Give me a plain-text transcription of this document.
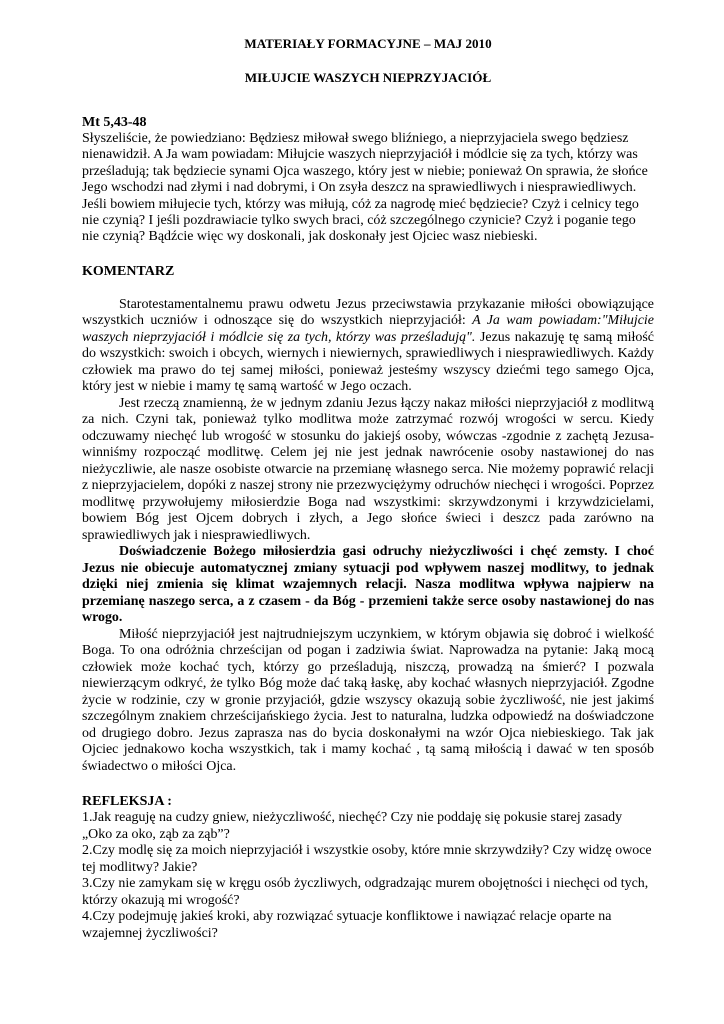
MATERIAŁY FORMACYJNE – MAJ 2010
MIŁUJCIE WASZYCH NIEPRZYJACIÓŁ
Mt 5,43-48

Słyszeliście, że powiedziano: Będziesz miłował swego bliźniego, a nieprzyjaciela swego będziesz nienawidził. A Ja wam powiadam: Miłujcie waszych nieprzyjaciół i módlcie się za tych, którzy was prześladują; tak będziecie synami Ojca waszego, który jest w niebie; ponieważ On sprawia, że słońce Jego wschodzi nad złymi i nad dobrymi, i On zsyła deszcz na sprawiedliwych i niesprawiedliwych.

Jeśli bowiem miłujecie tych, którzy was miłują, cóż za nagrodę mieć będziecie? Czyż i celnicy tego nie czynią? I jeśli pozdrawiacie tylko swych braci, cóż szczególnego czynicie? Czyż i poganie tego nie czynią? Bądźcie więc wy doskonali, jak doskonały jest Ojciec wasz niebieski.

KOMENTARZ

Starotestamentalnemu prawu odwetu Jezus przeciwstawia przykazanie miłości obowiązujące wszystkich uczniów i odnoszące się do wszystkich nieprzyjaciół: A Ja wam powiadam:"Miłujcie waszych nieprzyjaciół i módlcie się za tych, którzy was prześladują". Jezus nakazuję tę samą miłość do wszystkich: swoich i obcych, wiernych i niewiernych, sprawiedliwych i niesprawiedliwych. Każdy człowiek ma prawo do tej samej miłości, ponieważ jesteśmy wszyscy dziećmi tego samego Ojca, który jest w niebie i mamy tę samą wartość w Jego oczach.

Jest rzeczą znamienną, że w jednym zdaniu Jezus łączy nakaz miłości nieprzyjaciół z modlitwą za nich. Czyni tak, ponieważ tylko modlitwa może zatrzymać rozwój wrogości w sercu. Kiedy odczuwamy niechęć lub wrogość w stosunku do jakiejś osoby, wówczas -zgodnie z zachętą Jezusa- winniśmy rozpocząć modlitwę. Celem jej nie jest jednak nawrócenie osoby nastawionej do nas nieżyczliwie, ale nasze osobiste otwarcie na przemianę własnego serca. Nie możemy poprawić relacji z nieprzyjacielem, dopóki z naszej strony nie przezwyciężymy odruchów niechęci i wrogości. Poprzez modlitwę przywołujemy miłosierdzie Boga nad wszystkimi: skrzywdzonymi i krzywdzicielami, bowiem Bóg jest Ojcem dobrych i złych, a Jego słońce świeci i deszcz pada zarówno na sprawiedliwych jak i niesprawiedliwych.

Doświadczenie Bożego miłosierdzia gasi odruchy nieżyczliwości i chęć zemsty. I choć Jezus nie obiecuje automatycznej zmiany sytuacji pod wpływem naszej modlitwy, to jednak dzięki niej zmienia się klimat wzajemnych relacji. Nasza modlitwa wpływa najpierw na przemianę naszego serca, a z czasem - da Bóg - przemieni także serce osoby nastawionej do nas wrogo.

Miłość nieprzyjaciół jest najtrudniejszym uczynkiem, w którym objawia się dobroć i wielkość Boga. To ona odróżnia chrześcijan od pogan i zadziwia świat. Naprowadza na pytanie: Jaką mocą człowiek może kochać tych, którzy go prześladują, niszczą, prowadzą na śmierć? I pozwala niewierzącym odkryć, że tylko Bóg może dać taką łaskę, aby kochać własnych nieprzyjaciół. Zgodne życie w rodzinie, czy w gronie przyjaciół, gdzie wszyscy okazują sobie życzliwość, nie jest jakimś szczególnym znakiem chrześcijańskiego życia. Jest to naturalna, ludzka odpowiedź na doświadczone od drugiego dobro. Jezus zaprasza nas do bycia doskonałymi na wzór Ojca niebieskiego. Tak jak Ojciec jednakowo kocha wszystkich, tak i mamy kochać , tą samą miłością i dawać w ten sposób świadectwo o miłości Ojca.

REFLEKSJA :

1.Jak reaguję na cudzy gniew, nieżyczliwość, niechęć? Czy nie poddaję się pokusie starej zasady „Oko za oko, ząb za ząb”?

2.Czy modlę się za moich nieprzyjaciół i wszystkie osoby, które mnie skrzywdziły? Czy widzę owoce tej modlitwy? Jakie?

3.Czy nie zamykam się w kręgu osób życzliwych, odgradzając murem obojętności i niechęci od tych, którzy okazują mi wrogość?

4.Czy podejmuję jakieś kroki, aby rozwiązać sytuacje konfliktowe i nawiązać relacje oparte na wzajemnej życzliwości?
